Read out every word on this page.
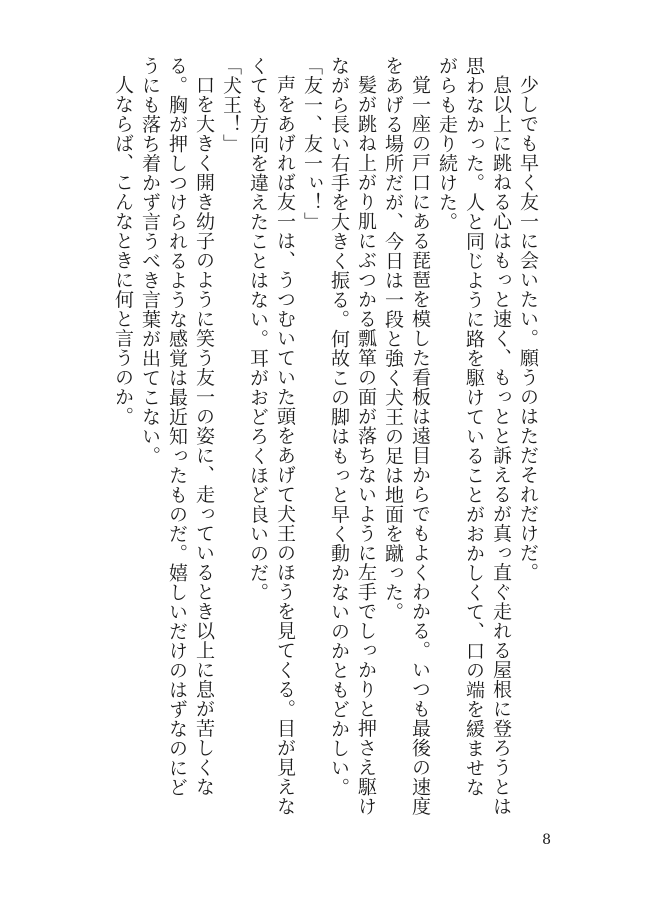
少しでも早く友一に会いたい。願うのはただそれだけだ。

息以上に跳ねる心はもっと速く、もっとと訴えるが真っ直ぐ走れる屋根に登ろうとは思わなかった。人と同じように路を駆けていることがおかしくて、口の端を緩ませながらも走り続けた。

覚一座の戸口にある琵琶を模した看板は遠目からでもよくわかる。いつも最後の速度をあげる場所だが、今日は一段と強く犬王の足は地面を蹴った。

髪が跳ね上がり肌にぶつかる瓢箪の面が落ちないように左手でしっかりと押さえ駆けながら長い右手を大きく振る。何故この脚はもっと早く動かないのかともどかしい。

「友一、友一ぃ！」

声をあげれば友一は、うつむいていた頭をあげて犬王のほうを見てくる。目が見えなくても方向を違えたことはない。耳がおどろくほど良いのだ。

「犬王！」

口を大きく開き幼子のように笑う友一の姿に、走っているとき以上に息が苦しくなる。胸が押しつけられるような感覚は最近知ったものだ。嬉しいだけのはずなのにどうにも落ち着かず言うべき言葉が出てこない。

人ならば、こんなときに何と言うのか。

8
